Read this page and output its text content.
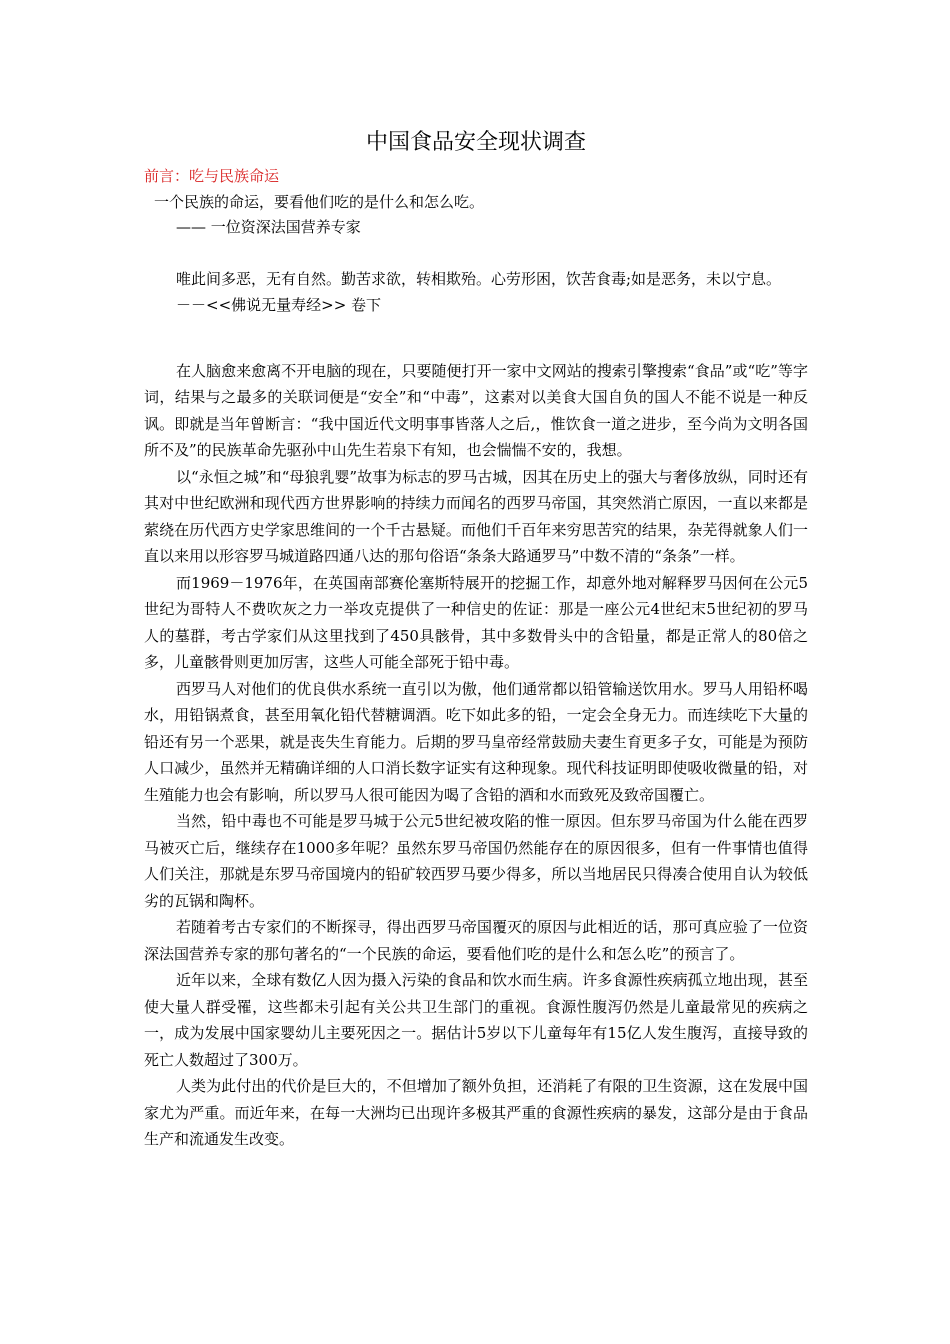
中国食品安全现状调查
前言：吃与民族命运

一个民族的命运，要看他们吃的是什么和怎么吃。

—— 一位资深法国营养专家

唯此间多恶，无有自然。勤苦求欲，转相欺殆。心劳形困，饮苦食毒;如是恶务，未以宁息。

－－<<佛说无量寿经>> 卷下

在人脑愈来愈离不开电脑的现在，只要随便打开一家中文网站的搜索引擎搜索“食品”或“吃”等字词，结果与之最多的关联词便是“安全”和“中毒”，这素对以美食大国自负的国人不能不说是一种反讽。即就是当年曾断言：“我中国近代文明事事皆落人之后,，惟饮食一道之进步，至今尚为文明各国所不及”的民族革命先驱孙中山先生若泉下有知，也会惴惴不安的，我想。

以“永恒之城”和“母狼乳婴”故事为标志的罗马古城，因其在历史上的强大与奢侈放纵，同时还有其对中世纪欧洲和现代西方世界影响的持续力而闻名的西罗马帝国，其突然消亡原因，一直以来都是萦绕在历代西方史学家思维间的一个千古悬疑。而他们千百年来穷思苦究的结果，杂芜得就象人们一直以来用以形容罗马城道路四通八达的那句俗语“条条大路通罗马”中数不清的“条条”一样。

而1969－1976年，在英国南部赛伦塞斯特展开的挖掘工作，却意外地对解释罗马因何在公元5世纪为哥特人不费吹灰之力一举攻克提供了一种信史的佐证：那是一座公元4世纪末5世纪初的罗马人的墓群，考古学家们从这里找到了450具骸骨，其中多数骨头中的含铅量，都是正常人的80倍之多，儿童骸骨则更加厉害，这些人可能全部死于铅中毒。

西罗马人对他们的优良供水系统一直引以为傲，他们通常都以铅管输送饮用水。罗马人用铅杯喝水，用铅锅煮食，甚至用氧化铅代替糖调酒。吃下如此多的铅，一定会全身无力。而连续吃下大量的铅还有另一个恶果，就是丧失生育能力。后期的罗马皇帝经常鼓励夫妻生育更多子女，可能是为预防人口减少，虽然并无精确详细的人口消长数字证实有这种现象。现代科技证明即使吸收微量的铅，对生殖能力也会有影响，所以罗马人很可能因为喝了含铅的酒和水而致死及致帝国覆亡。

当然，铅中毒也不可能是罗马城于公元5世纪被攻陷的惟一原因。但东罗马帝国为什么能在西罗马被灭亡后，继续存在1000多年呢？虽然东罗马帝国仍然能存在的原因很多，但有一件事情也值得人们关注，那就是东罗马帝国境内的铅矿较西罗马要少得多，所以当地居民只得凑合使用自认为较低劣的瓦锅和陶杯。

若随着考古专家们的不断探寻，得出西罗马帝国覆灭的原因与此相近的话，那可真应验了一位资深法国营养专家的那句著名的“一个民族的命运，要看他们吃的是什么和怎么吃”的预言了。

近年以来，全球有数亿人因为摄入污染的食品和饮水而生病。许多食源性疾病孤立地出现，甚至使大量人群受罹，这些都未引起有关公共卫生部门的重视。食源性腹泻仍然是儿童最常见的疾病之一，成为发展中国家婴幼儿主要死因之一。据估计5岁以下儿童每年有15亿人发生腹泻，直接导致的死亡人数超过了300万。

人类为此付出的代价是巨大的，不但增加了额外负担，还消耗了有限的卫生资源，这在发展中国家尤为严重。而近年来，在每一大洲均已出现许多极其严重的食源性疾病的暴发，这部分是由于食品生产和流通发生改变。
